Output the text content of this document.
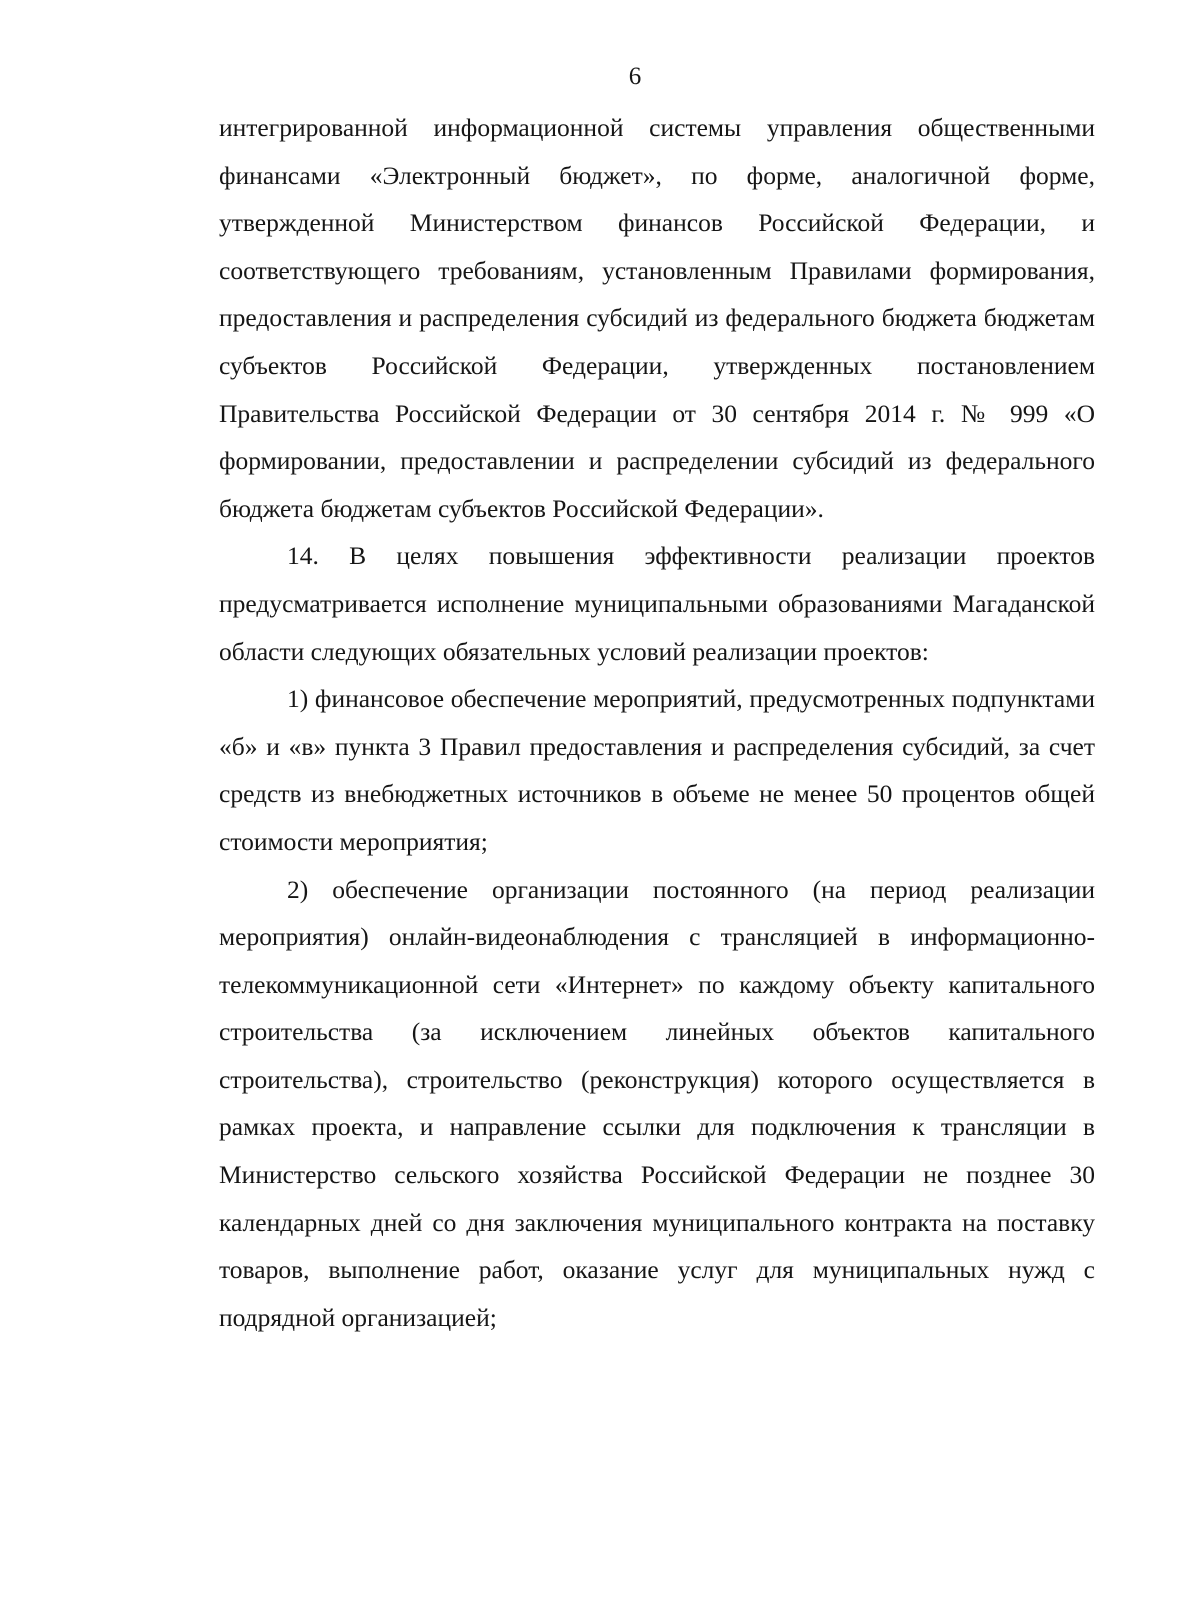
6

интегрированной информационной системы управления общественными финансами «Электронный бюджет», по форме, аналогичной форме, утвержденной Министерством финансов Российской Федерации, и соответствующего требованиям, установленным Правилами формирования, предоставления и распределения субсидий из федерального бюджета бюджетам субъектов Российской Федерации, утвержденных постановлением Правительства Российской Федерации от 30 сентября 2014 г. № 999 «О формировании, предоставлении и распределении субсидий из федерального бюджета бюджетам субъектов Российской Федерации».

14. В целях повышения эффективности реализации проектов предусматривается исполнение муниципальными образованиями Магаданской области следующих обязательных условий реализации проектов:

1) финансовое обеспечение мероприятий, предусмотренных подпунктами «б» и «в» пункта 3 Правил предоставления и распределения субсидий, за счет средств из внебюджетных источников в объеме не менее 50 процентов общей стоимости мероприятия;

2) обеспечение организации постоянного (на период реализации мероприятия) онлайн-видеонаблюдения с трансляцией в информационно-телекоммуникационной сети «Интернет» по каждому объекту капитального строительства (за исключением линейных объектов капитального строительства), строительство (реконструкция) которого осуществляется в рамках проекта, и направление ссылки для подключения к трансляции в Министерство сельского хозяйства Российской Федерации не позднее 30 календарных дней со дня заключения муниципального контракта на поставку товаров, выполнение работ, оказание услуг для муниципальных нужд с подрядной организацией;
